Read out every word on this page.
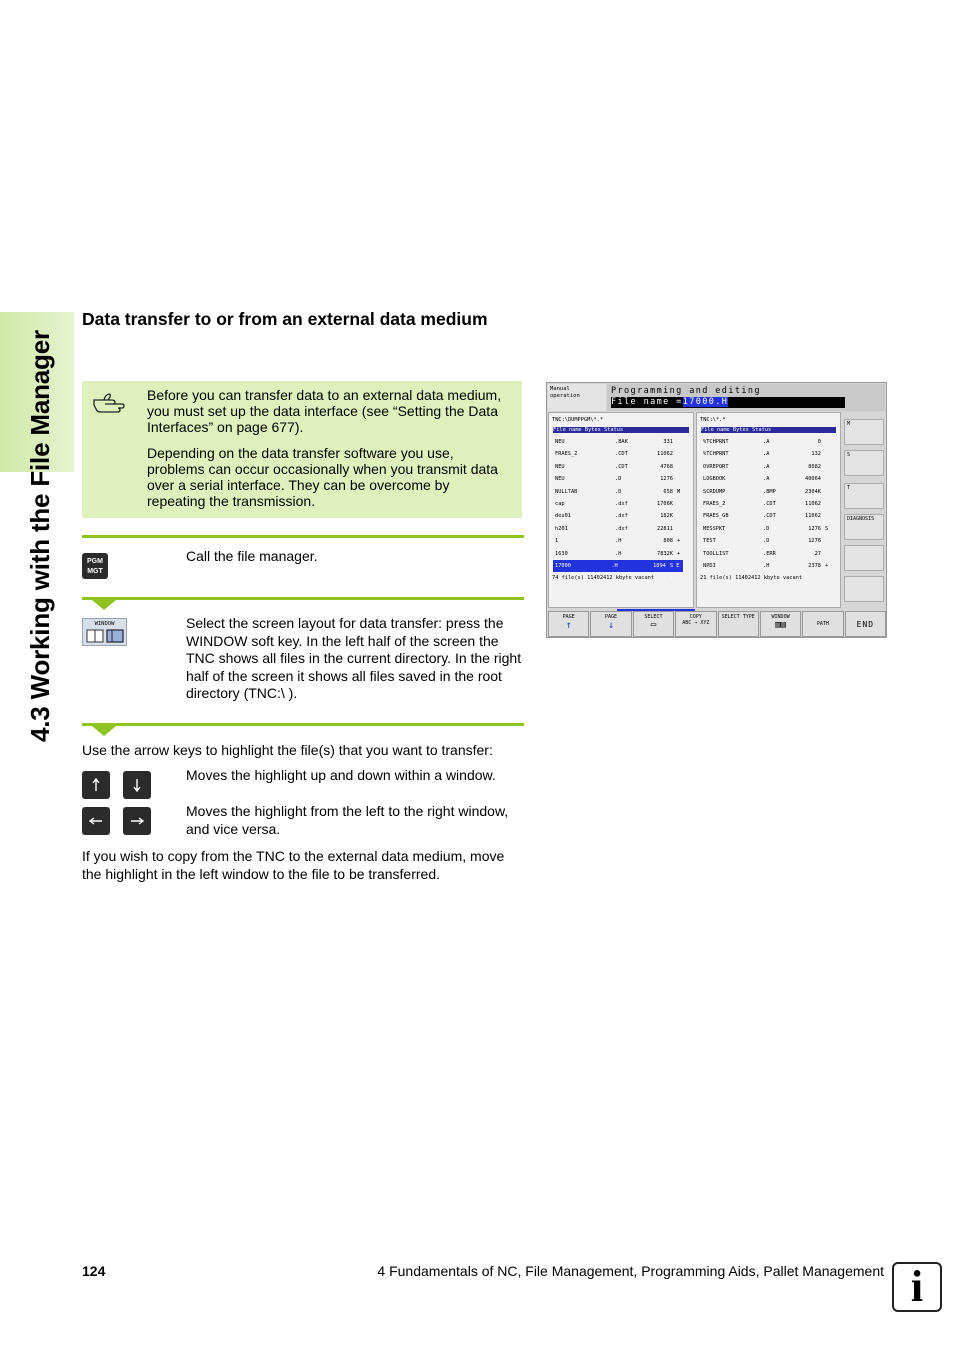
4.3 Working with the File Manager
Data transfer to or from an external data medium

Before you can transfer data to an external data medium, you must set up the data interface (see “Setting the Data Interfaces” on page 677).

Depending on the data transfer software you use, problems can occur occasionally when you transmit data over a serial interface. They can be overcome by repeating the transmission.

PGM
MGT
Call the file manager.
WINDOW	Select the screen layout for data transfer: press the WINDOW soft key. In the left half of the screen the TNC shows all files in the current directory. In the right half of the screen it shows all files saved in the root directory (TNC:\ ).
Use the arrow keys to highlight the file(s) that you want to transfer:
Moves the highlight up and down within a window.
Moves the highlight from the left to the right window, and vice versa.
If you wish to copy from the TNC to the external data medium, move the highlight in the left window to the file to be transferred.
Manual
operation	Programming and editing
File name =17000.H
TNC:\DUMPPGM\*.*
File name Bytes Status
NEU	.BAK	331
FRAES_2	.CDT	11062
NEU	.CDT	4768
NEU	.D	1276
NULLTAB	.D	658 M
cap	.dxf	1706K
deu01	.dxf	182K
h201	.dxf	22811
1	.H	808 +
1630	.H	7832K +
17000	.H	1894 S E +
74 file(s) 11402412 kbyte vacant
TNC:\*.*
File name Bytes Status
%TCHPRNT	.A	0
%TCHPRNT	.A	132
OVREPORT	.A	8082
LOGBOOK	.A	40064
SCRDUMP	.BMP	2304K
FRAES_2	.CDT	11062
FRAES_GB	.CDT	11062
MESSPKT	.D	1276 S
TEST	.D	1276
TOOLLIST	.ERR	27
NPDI	.H	2378 +
21 file(s) 11402412 kbyte vacant
M
S
T
DIAGNOSIS
PAGE
↑
PAGE
↓
SELECT
▭
COPY
ABC → XYZ
SELECT TYPE	WINDOW
▥▤	PATH	END
124	4 Fundamentals of NC, File Management, Programming Aids, Pallet Management i
